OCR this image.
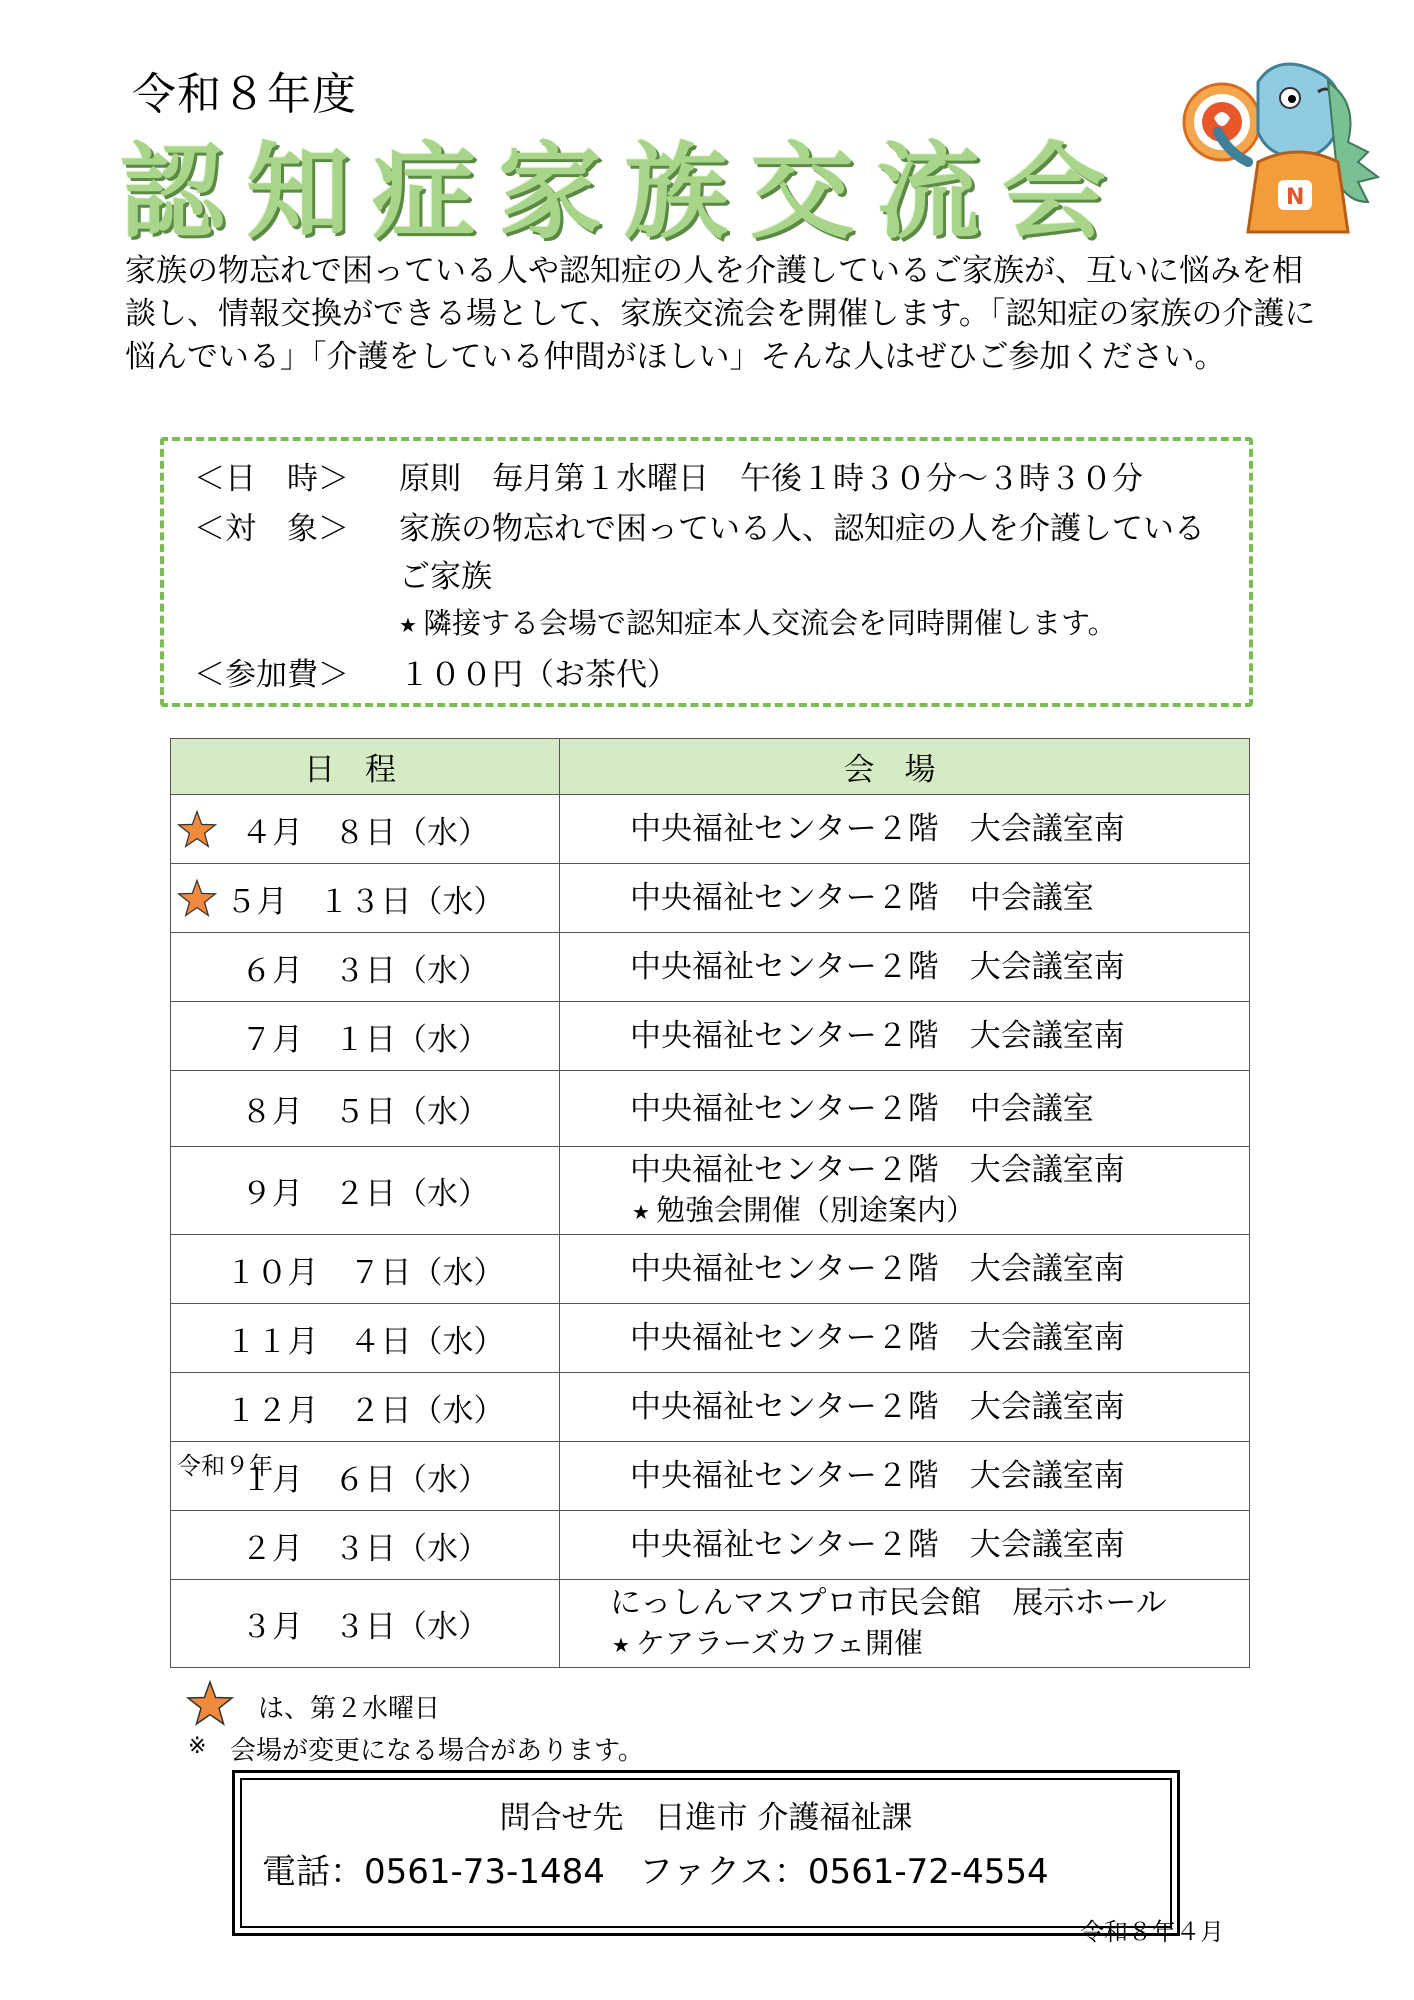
令和８年度
認知症家族交流会	N

家族の物忘れで困っている人や認知症の人を介護しているご家族が、互いに悩みを相談し、情報交換ができる場として、家族交流会を開催します。「認知症の家族の介護に悩んでいる」「介護をしている仲間がほしい」そんな人はぜひご参加ください。

＜日　時＞ 原則　毎月第１水曜日　午後１時３０分～３時３０分
＜対　象＞ 家族の物忘れで困っている人、認知症の人を介護している
ご家族
★ 隣接する会場で認知症本人交流会を同時開催します。
＜参加費＞ １００円（お茶代）
日程	会場

４月　８日（水）	中央福祉センター２階　大会議室南

５月　１３日（水）	中央福祉センター２階　中会議室
６月　３日（水）	中央福祉センター２階　大会議室南
７月　１日（水）	中央福祉センター２階　大会議室南
８月　５日（水）	中央福祉センター２階　中会議室
９月　２日（水）	中央福祉センター２階　大会議室南
★ 勉強会開催（別途案内）

１０月　７日（水）	中央福祉センター２階　大会議室南
１１月　４日（水）	中央福祉センター２階　大会議室南
１２月　２日（水）	中央福祉センター２階　大会議室南

令和９年
１月　６日（水）	中央福祉センター２階　大会議室南
２月　３日（水）	中央福祉センター２階　大会議室南
３月　３日（水）	にっしんマスプロ市民会館　展示ホール
★ ケアラーズカフェ開催
は、第２水曜日
※ 会場が変更になる場合があります。
問合せ先　日進市 介護福祉課
電話：0561-73-1484　ファクス：0561-72-4554
令和８年４月
